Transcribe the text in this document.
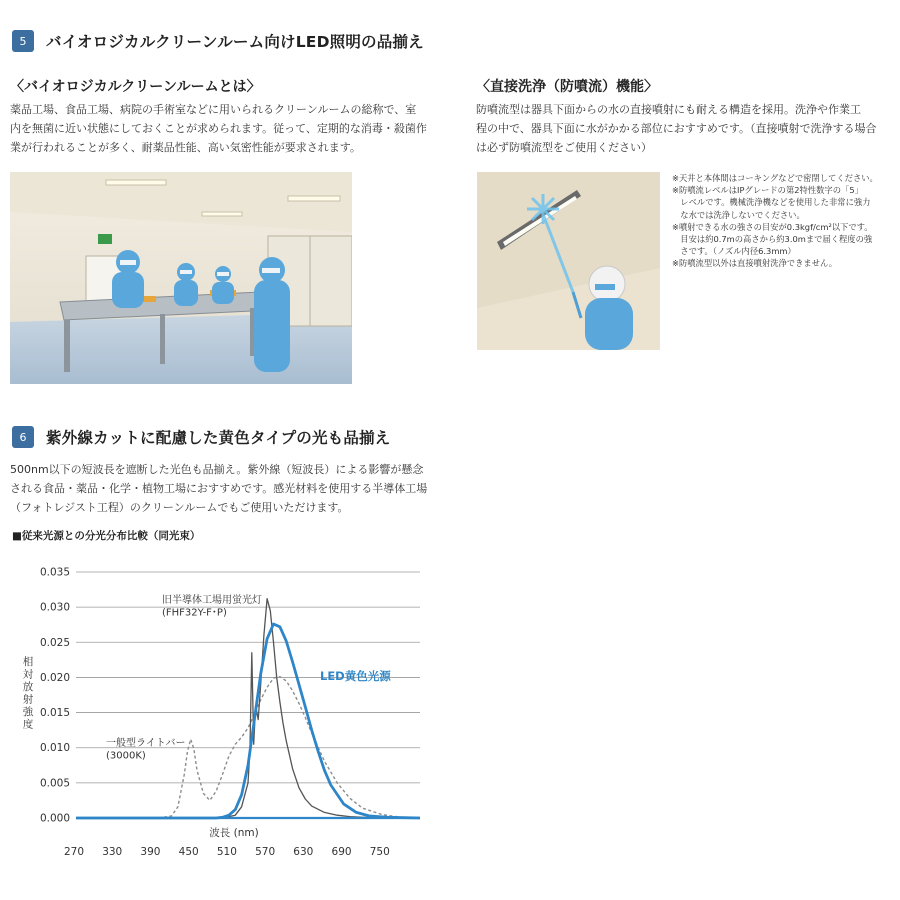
5	バイオロジカルクリーンルーム向けLED照明の品揃え
〈バイオロジカルクリーンルームとは〉
薬品工場、食品工場、病院の手術室などに用いられるクリーンルームの総称で、室
内を無菌に近い状態にしておくことが求められます。従って、定期的な消毒・殺菌作
業が行われることが多く、耐薬品性能、高い気密性能が要求されます。
〈直接洗浄（防噴流）機能〉
防噴流型は器具下面からの水の直接噴射にも耐える構造を採用。洗浄や作業工
程の中で、器具下面に水がかかる部位におすすめです。（直接噴射で洗浄する場合
は必ず防噴流型をご使用ください）
※天井と本体間はコーキングなどで密閉してください。
※防噴流レベルはIPグレードの第2特性数字の「5」
　レベルです。機械洗浄機などを使用した非常に強力
　な水では洗浄しないでください。
※噴射できる水の強さの目安が0.3kgf/cm²以下です。
　目安は約0.7mの高さから約3.0mまで届く程度の強
　さです。（ノズル内径6.3mm）
※防噴流型以外は直接噴射洗浄できません。
6	紫外線カットに配慮した黄色タイプの光も品揃え
500nm以下の短波長を遮断した光色も品揃え。紫外線（短波長）による影響が懸念
される食品・薬品・化学・植物工場におすすめです。感光材料を使用する半導体工場
（フォトレジスト工程）のクリーンルームでもご使用いただけます。
■従来光源との分光分布比較（同光束）
0.000
0.005
0.010
0.015
0.020
0.025
0.030
0.035
270 330 390 450 510 570 630 690 750
波長 (nm)
相
対
放
射
強
度
LED黄色光源
旧半導体工場用蛍光灯
(FHF32Y-F･P)
一般型ライトバー
(3000K)
